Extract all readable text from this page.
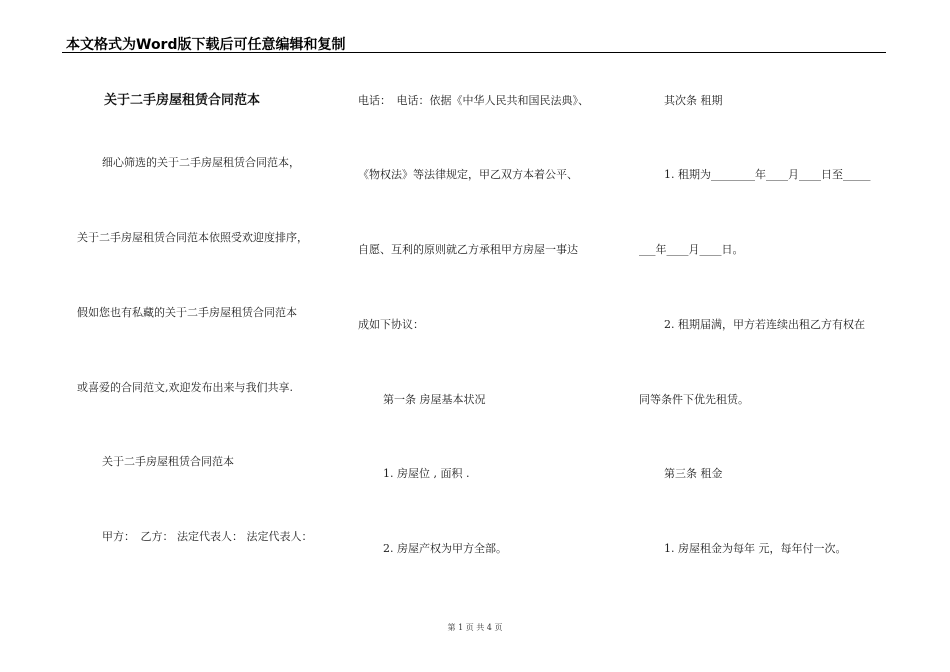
本文格式为Word版下载后可任意编辑和复制
关于二手房屋租赁合同范本
细心筛选的关于二手房屋租赁合同范本，
关于二手房屋租赁合同范本依照受欢迎度排序，
假如您也有私藏的关于二手房屋租赁合同范本
或喜爱的合同范文,欢迎发布出来与我们共享.
关于二手房屋租赁合同范本
甲方：　乙方： 法定代表人： 法定代表人：
电话：　电话：依据《中华人民共和国民法典》、
《物权法》等法律规定，甲乙双方本着公平、
自愿、互利的原则就乙方承租甲方房屋一事达
成如下协议：
第一条 房屋基本状况
1. 房屋位 , 面积 .
2. 房屋产权为甲方全部。
其次条 租期
1. 租期为________年____月____日至_____
___年____月____日。
2. 租期届满，甲方若连续出租乙方有权在
同等条件下优先租赁。
第三条 租金
1. 房屋租金为每年 元，每年付一次。
第 1 页 共 4 页
